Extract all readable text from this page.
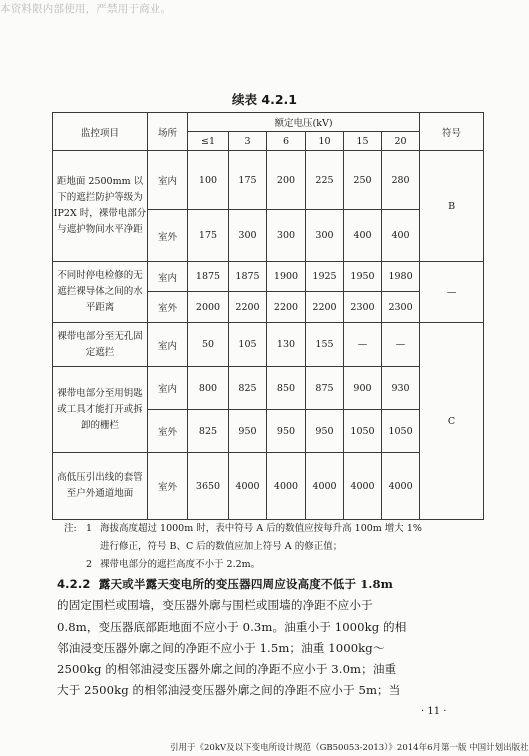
本资料限内部使用，严禁用于商业。
续表 4.2.1
监控项目	场所	额定电压(kV)						符号
		≤1	3	6	10	15	20	
距地面 2500mm 以下的遮拦防护等级为 IP2X 时，裸带电部分与遮护物间水平净距	室内	100	175	200	225	250	280	B
	室外	175	300	300	300	400	400	
不同时停电检修的无遮拦裸导体之间的水平距离	室内	1875	1875	1900	1925	1950	1980	—
	室外	2000	2200	2200	2200	2300	2300	
裸带电部分至无孔固定遮拦	室内	50	105	130	155	—	—	C
裸带电部分至用钥匙或工具才能打开或拆卸的栅栏	室内	800	825	850	875	900	930	
	室外	825	950	950	950	1050	1050	
高低压引出线的套管至户外通道地面	室外	3650	4000	4000	4000	4000	4000	
注: 1 海拔高度超过 1000m 时，表中符号 A 后的数值应按每升高 100m 增大 1%
进行修正，符号 B、C 后的数值应加上符号 A 的修正值；
2 裸带电部分的遮拦高度不小于 2.2m。
4.2.2 露天或半露天变电所的变压器四周应设高度不低于 1.8m
的固定围栏或围墙，变压器外廓与围栏或围墙的净距不应小于
0.8m，变压器底部距地面不应小于 0.3m。油重小于 1000kg 的相
邻油浸变压器外廓之间的净距不应小于 1.5m；油重 1000kg～
2500kg 的相邻油浸变压器外廓之间的净距不应小于 3.0m；油重
大于 2500kg 的相邻油浸变压器外廓之间的净距不应小于 5m；当
· 11 ·
引用于《20kV及以下变电所设计规范（GB50053-2013）》2014年6月第一版 中国计划出版社
